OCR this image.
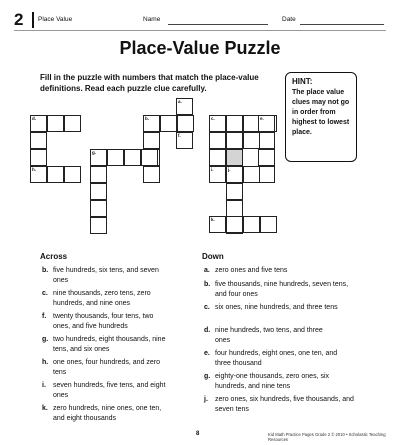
2 Place Value	Name	Date
Place-Value Puzzle
Fill in the puzzle with numbers that match the place-value definitions. Read each puzzle clue carefully.
HINT:
The place value clues may not go in order from highest to lowest place.
a.
b.	c.
d.	e.
f.
g.
h.	i.	j.
k.
Across	Down
b. five hundreds, six tens, and seven ones
c. nine thousands, zero tens, zero hundreds, and nine ones
f. twenty thousands, four tens, two ones, and five hundreds
g. two hundreds, eight thousands, nine tens, and six ones
h. one ones, four hundreds, and zero tens
i. seven hundreds, five tens, and eight ones
k. zero hundreds, nine ones, one ten, and eight thousands
a. zero ones and five tens
b. five thousands, nine hundreds, seven tens, and four ones
c. six ones, nine hundreds, and three tens
d. nine hundreds, two tens, and three ones
e. four hundreds, eight ones, one ten, and three thousand
g. eighty-one thousands, zero ones, six hundreds, and nine tens
j. zero ones, six hundreds, five thousands, and seven tens
8	Kid Math Practice Pages Grade 2 © 2010 • Scholastic Teaching Resources
